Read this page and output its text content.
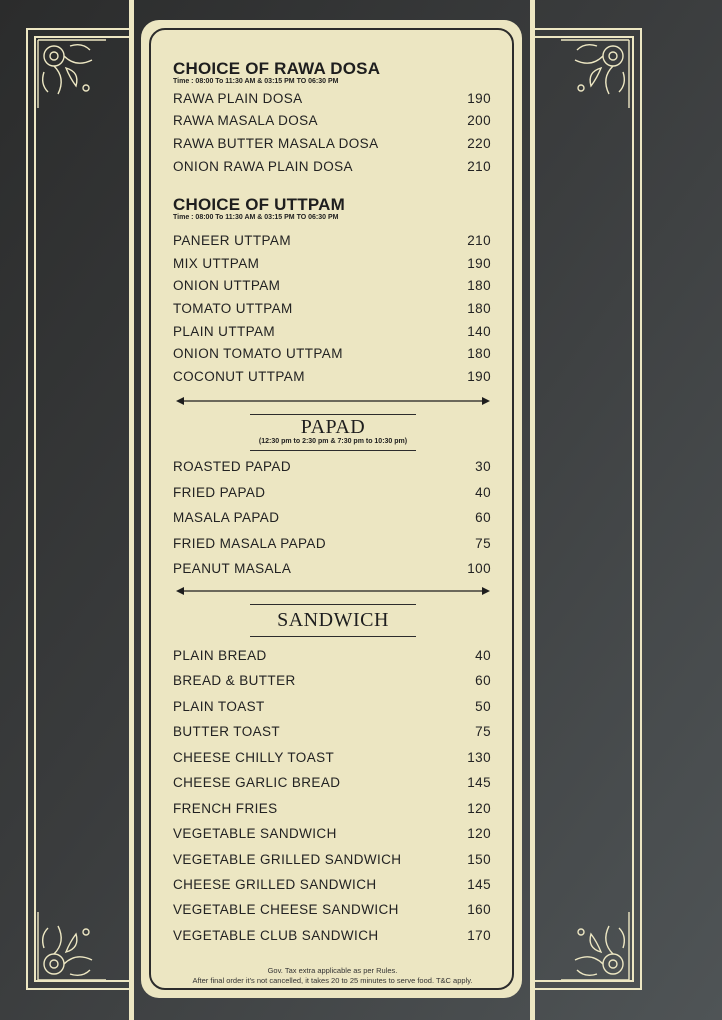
CHOICE OF RAWA DOSA
Time : 08:00 To 11:30 AM & 03:15 PM TO 06:30 PM
RAWA PLAIN DOSA	190
RAWA MASALA DOSA	200
RAWA BUTTER MASALA DOSA	220
ONION RAWA PLAIN DOSA	210
CHOICE OF UTTPAM
Time : 08:00 To 11:30 AM & 03:15 PM TO 06:30 PM
PANEER UTTPAM	210
MIX UTTPAM	190
ONION UTTPAM	180
TOMATO UTTPAM	180
PLAIN UTTPAM	140
ONION TOMATO UTTPAM	180
COCONUT UTTPAM	190
PAPAD
(12:30 pm to 2:30 pm & 7:30 pm to 10:30 pm)
ROASTED PAPAD	30
FRIED PAPAD	40
MASALA PAPAD	60
FRIED MASALA PAPAD	75
PEANUT MASALA	100
SANDWICH
PLAIN BREAD	40
BREAD & BUTTER	60
PLAIN TOAST	50
BUTTER TOAST	75
CHEESE CHILLY TOAST	130
CHEESE GARLIC BREAD	145
FRENCH FRIES	120
VEGETABLE SANDWICH	120
VEGETABLE GRILLED SANDWICH	150
CHEESE GRILLED SANDWICH	145
VEGETABLE CHEESE SANDWICH	160
VEGETABLE CLUB SANDWICH	170
Gov. Tax extra applicable as per Rules.
After final order it's not cancelled, it takes 20 to 25 minutes to serve food. T&C apply.
